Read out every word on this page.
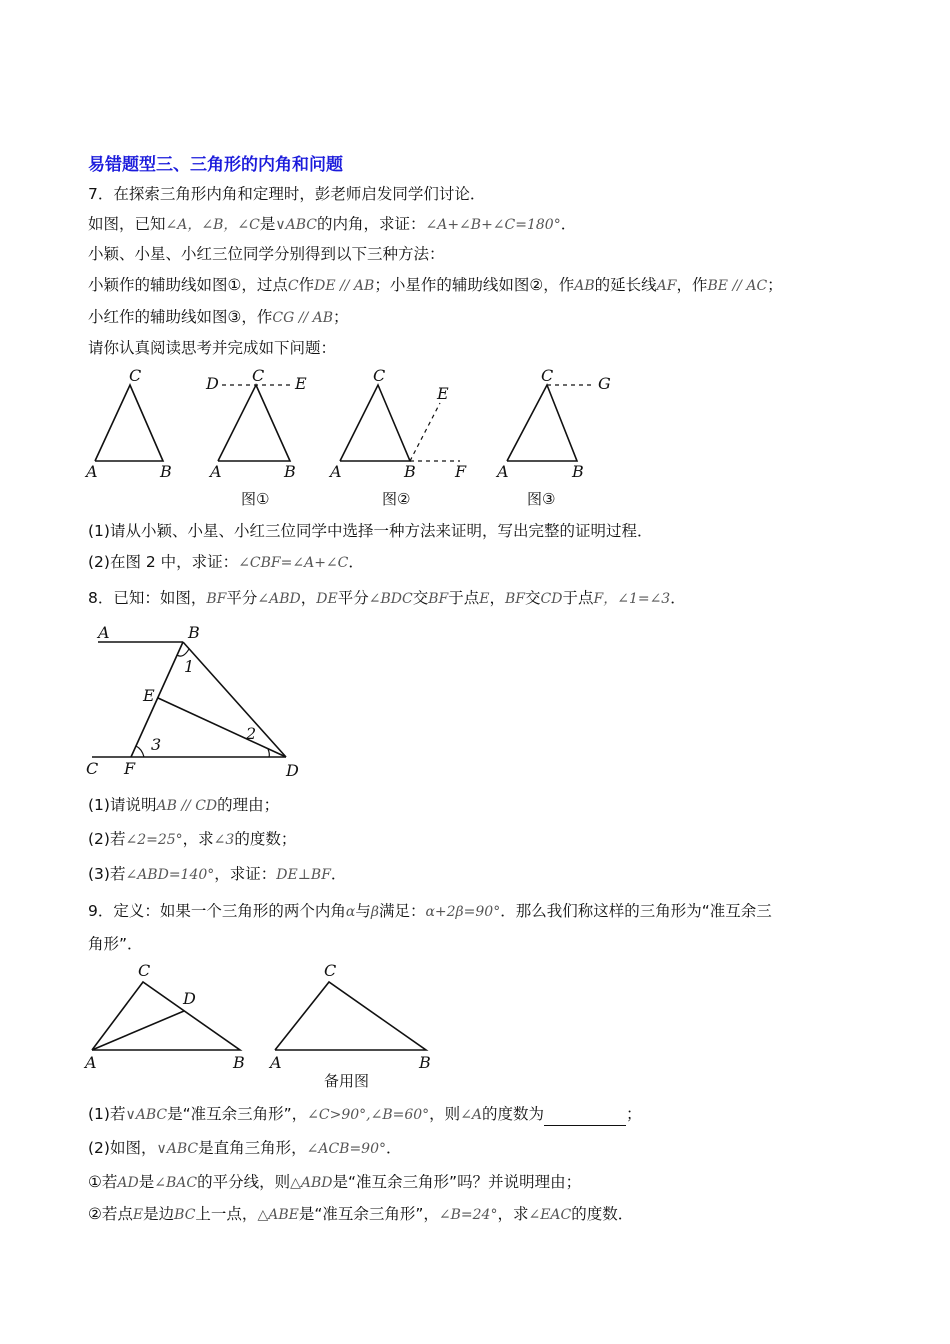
易错题型三、三角形的内角和问题
7．在探索三角形内角和定理时，彭老师启发同学们讨论．
如图，已知∠A，∠B，∠C是∨ABC的内角，求证：∠A+∠B+∠C=180°．
小颖、小星、小红三位同学分别得到以下三种方法：
小颖作的辅助线如图①，过点C作DE // AB；小星作的辅助线如图②，作AB的延长线AF，作BE // AC；
小红作的辅助线如图③，作CG // AB；
请你认真阅读思考并完成如下问题：
A	B
C
A	B
C
D	E
图①
A	B
C
E
F
图②
A	B
C	G
图③
(1)请从小颖、小星、小红三位同学中选择一种方法来证明，写出完整的证明过程．
(2)在图 2 中，求证：∠CBF=∠A+∠C．
8．已知：如图，BF平分∠ABD，DE平分∠BDC交BF于点E，BF交CD于点F，∠1=∠3．
A	B
1
E
2
3
C F	D
(1)请说明AB // CD的理由；
(2)若∠2=25°，求∠3的度数；
(3)若∠ABD=140°，求证：DE⊥BF．
9．定义：如果一个三角形的两个内角α与β满足：α+2β=90°．那么我们称这样的三角形为“准互余三
角形”．
C
D
A	B
C
A	B
备用图
(1)若∨ABC是“准互余三角形”，∠C>90°,∠B=60°，则∠A的度数为	；
(2)如图，∨ABC是直角三角形，∠ACB=90°．
①若AD是∠BAC的平分线，则△ABD是“准互余三角形”吗？并说明理由；
②若点E是边BC上一点，△ABE是“准互余三角形”，∠B=24°，求∠EAC的度数．
